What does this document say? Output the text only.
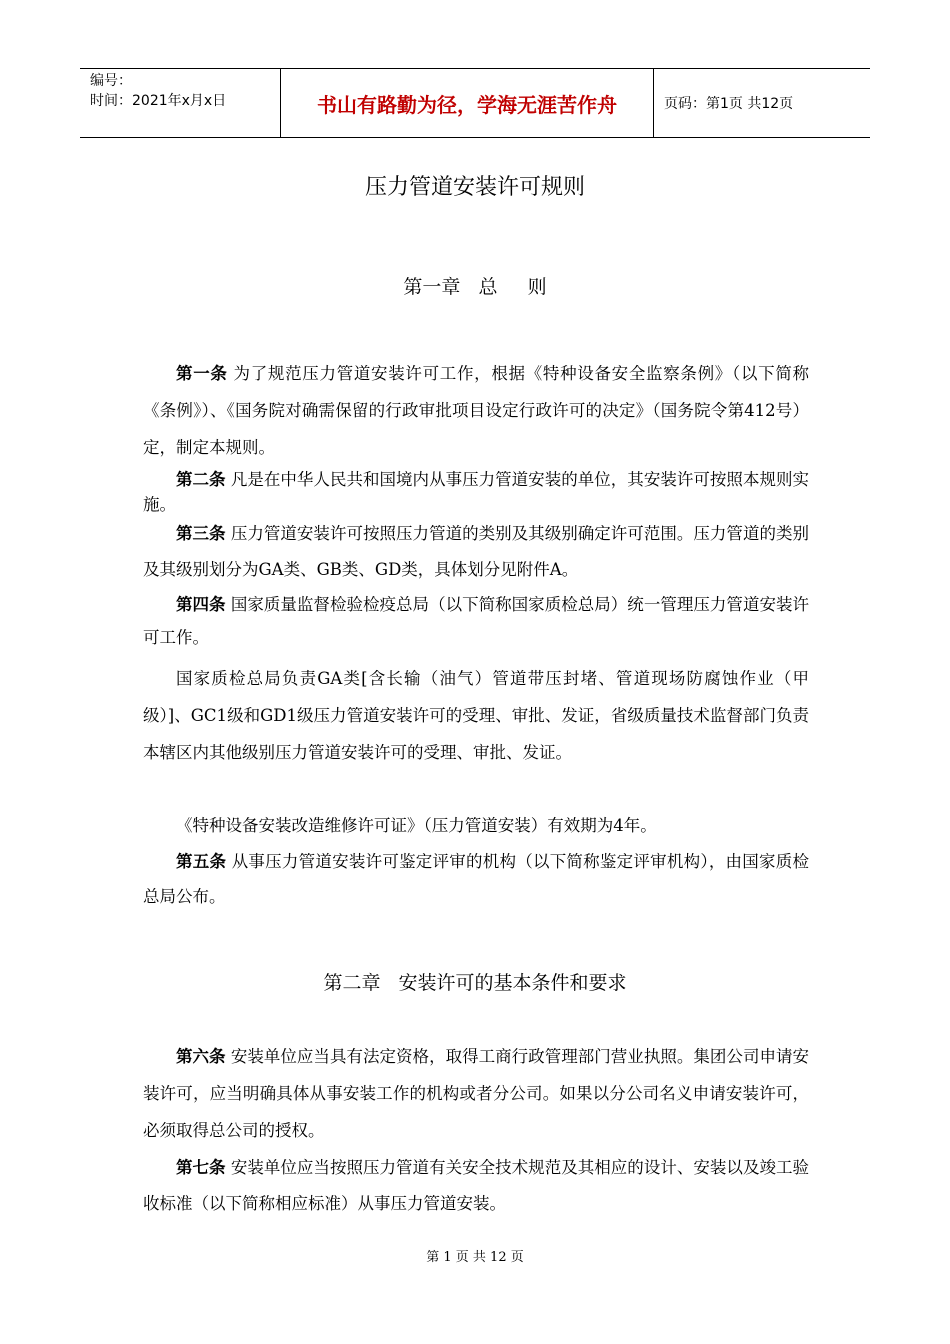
编号：
时间：2021年x月x日	书山有路勤为径，学海无涯苦作舟	页码：第1页 共12页
压力管道安装许可规则
第一章   总     则

第一条 为了规范压力管道安装许可工作，根据《特种设备安全监察条例》（以下简称《条例》）、《国务院对确需保留的行政审批项目设定行政许可的决定》（国务院令第412号）定，制定本规则。

第二条 凡是在中华人民共和国境内从事压力管道安装的单位，其安装许可按照本规则实施。

第三条 压力管道安装许可按照压力管道的类别及其级别确定许可范围。压力管道的类别及其级别划分为GA类、GB类、GD类，具体划分见附件A。

第四条 国家质量监督检验检疫总局（以下简称国家质检总局）统一管理压力管道安装许可工作。

国家质检总局负责GA类[含长输（油气）管道带压封堵、管道现场防腐蚀作业（甲级）]、GC1级和GD1级压力管道安装许可的受理、审批、发证，省级质量技术监督部门负责本辖区内其他级别压力管道安装许可的受理、审批、发证。

《特种设备安装改造维修许可证》（压力管道安装）有效期为4年。

第五条 从事压力管道安装许可鉴定评审的机构（以下简称鉴定评审机构），由国家质检总局公布。

第二章   安装许可的基本条件和要求

第六条 安装单位应当具有法定资格，取得工商行政管理部门营业执照。集团公司申请安装许可，应当明确具体从事安装工作的机构或者分公司。如果以分公司名义申请安装许可，必须取得总公司的授权。

第七条 安装单位应当按照压力管道有关安全技术规范及其相应的设计、安装以及竣工验收标准（以下简称相应标准）从事压力管道安装。

第 1 页 共 12 页
